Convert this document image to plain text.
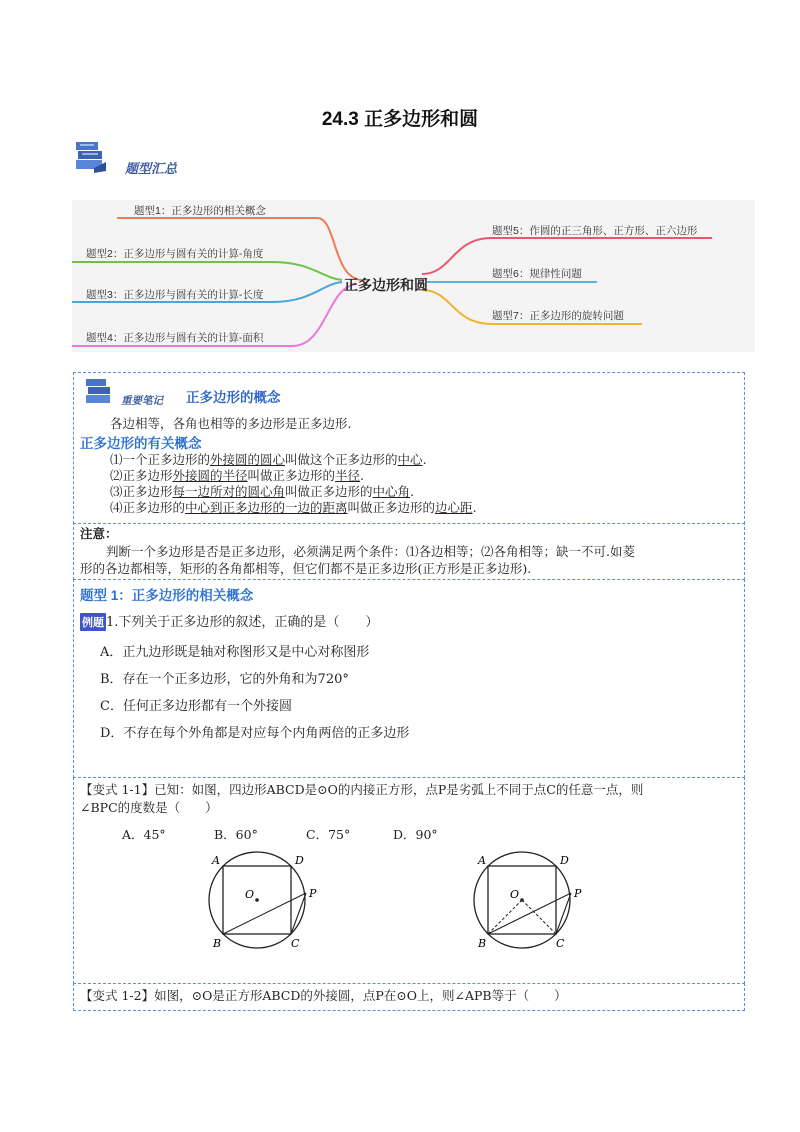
24.3 正多边形和圆
题型汇总
正多边形和圆
题型1：正多边形的相关概念
题型2：正多边形与圆有关的计算-角度
题型3：正多边形与圆有关的计算-长度
题型4：正多边形与圆有关的计算-面积
题型5：作圆的正三角形、正方形、正六边形
题型6：规律性问题
题型7：正多边形的旋转问题
重要笔记 正多边形的概念
各边相等，各角也相等的多边形是正多边形.
正多边形的有关概念
⑴一个正多边形的外接圆的圆心叫做这个正多边形的中心.
⑵正多边形外接圆的半径叫做正多边形的半径.
⑶正多边形每一边所对的圆心角叫做正多边形的中心角.
⑷正多边形的中心到正多边形的一边的距离叫做正多边形的边心距.
注意：
判断一个多边形是否是正多边形，必须满足两个条件：⑴各边相等；⑵各角相等；缺一不可.如菱
形的各边都相等，矩形的各角都相等，但它们都不是正多边形(正方形是正多边形).
题型 1：正多边形的相关概念
例题 1.下列关于正多边形的叙述，正确的是（　　）
A．正九边形既是轴对称图形又是中心对称图形
B．存在一个正多边形，它的外角和为720°
C．任何正多边形都有一个外接圆
D．不存在每个外角都是对应每个内角两倍的正多边形
【变式 1-1】已知：如图，四边形ABCD是⊙O的内接正方形，点P是劣弧上不同于点C的任意一点，则
∠BPC的度数是（　　）
A．45°	B．60°	C．75°	D．90°
A	D
O	P
B	C
A	D
O	P
B	C
【变式 1-2】如图，⊙O是正方形ABCD的外接圆，点P在⊙O上，则∠APB等于（　　）
